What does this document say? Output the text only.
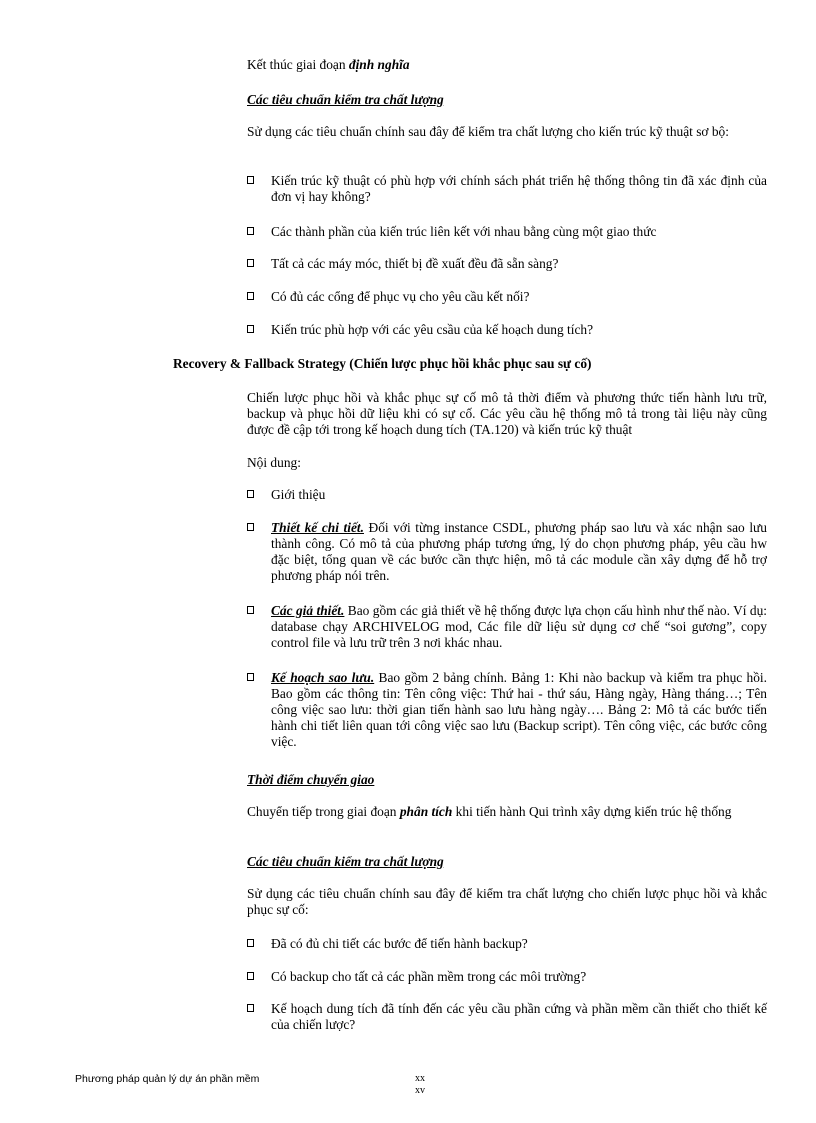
Kết thúc giai đoạn định nghĩa

Các tiêu chuẩn kiểm tra chất lượng

Sử dụng các tiêu chuẩn chính sau đây để kiểm tra chất lượng cho kiến trúc kỹ thuật sơ bộ:

Kiến trúc kỹ thuật có phù hợp với chính sách phát triển hệ thống thông tin đã xác định của đơn vị hay không?
Các thành phần của kiến trúc liên kết với nhau bằng cùng một giao thức
Tất cả các máy móc, thiết bị đề xuất đều đã sẵn sàng?
Có đủ các cổng để phục vụ cho yêu cầu kết nối?
Kiến trúc phù hợp với các yêu csầu của kế hoạch dung tích?

Recovery & Fallback Strategy (Chiến lược phục hồi khắc phục sau sự cố)

Chiến lược phục hồi và khắc phục sự cố mô tả thời điểm và phương thức tiến hành lưu trữ, backup và phục hồi dữ liệu khi có sự cố. Các yêu cầu hệ thống mô tả trong tài liệu này cũng được đề cập tới trong kế hoạch dung tích (TA.120) và kiến trúc kỹ thuật

Nội dung:

Giới thiệu
Thiết kế chi tiết. Đối với từng instance CSDL, phương pháp sao lưu và xác nhận sao lưu thành công. Có mô tả của phương pháp tương ứng, lý do chọn phương pháp, yêu cầu hw đặc biệt, tổng quan về các bước cần thực hiện, mô tả các module cần xây dựng để hỗ trợ phương pháp nói trên.
Các giả thiết. Bao gồm các giả thiết về hệ thống được lựa chọn cấu hình như thế nào. Ví dụ: database chạy ARCHIVELOG mod, Các file dữ liệu sử dụng cơ chế “soi gương”, copy control file và lưu trữ trên 3 nơi khác nhau.
Kế hoạch sao lưu. Bao gồm 2 bảng chính. Bảng 1: Khi nào backup và kiểm tra phục hồi. Bao gồm các thông tin: Tên công việc: Thứ hai - thứ sáu, Hàng ngày, Hàng tháng…; Tên công việc sao lưu: thời gian tiến hành sao lưu hàng ngày…. Bảng 2: Mô tả các bước tiến hành chi tiết liên quan tới công việc sao lưu (Backup script). Tên công việc, các bước công việc.

Thời điểm chuyển giao

Chuyển tiếp trong giai đoạn phân tích khi tiến hành Qui trình xây dựng kiến trúc hệ thống

Các tiêu chuẩn kiểm tra chất lượng

Sử dụng các tiêu chuẩn chính sau đây để kiểm tra chất lượng cho chiến lược phục hồi và khắc phục sự cố:

Đã có đủ chi tiết các bước để tiến hành backup?
Có backup cho tất cả các phần mềm trong các môi trường?
Kế hoạch dung tích đã tính đến các yêu cầu phần cứng và phần mềm cần thiết cho thiết kế của chiến lược?
Phương pháp quản lý dự án phần mềm	xx
xv
